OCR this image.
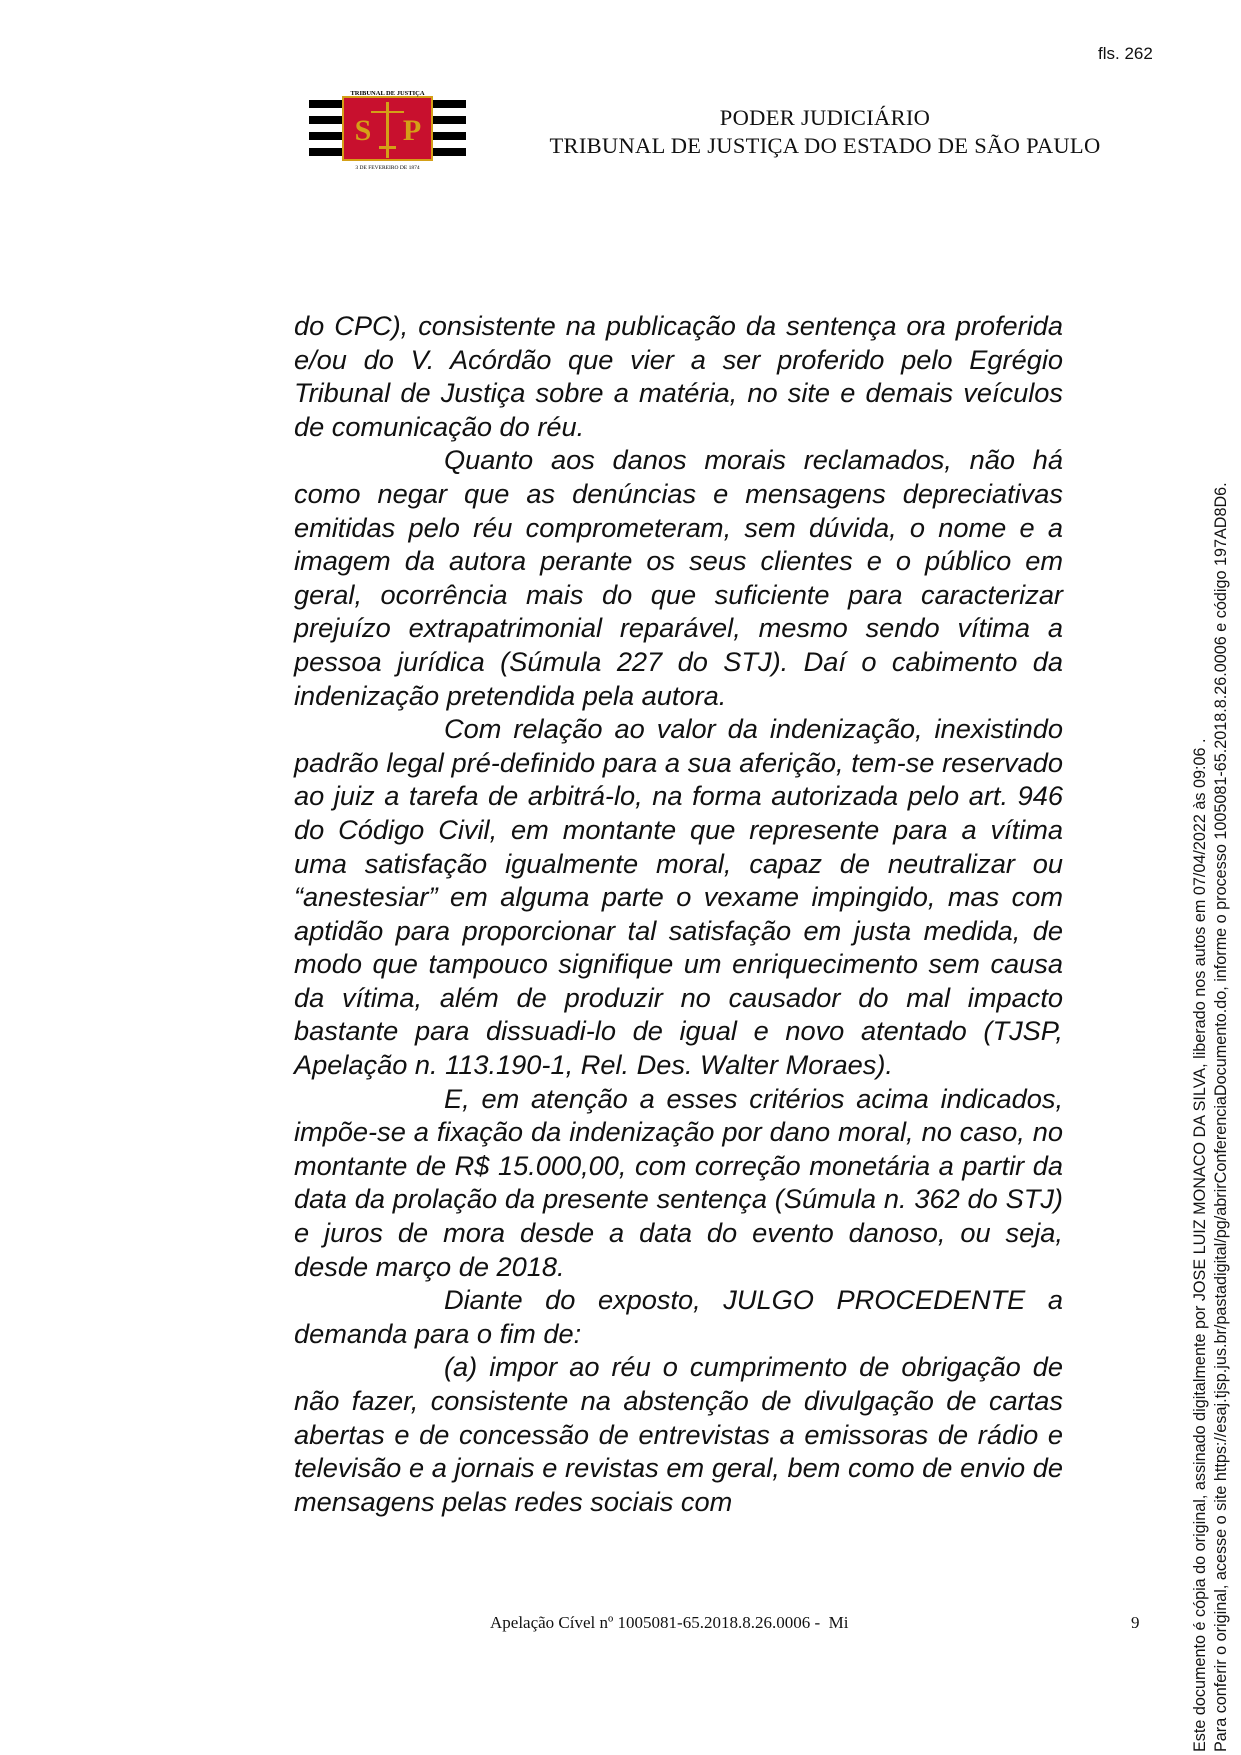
fls. 262
S P
TRIBUNAL DE JUSTIÇA
3 DE FEVEREIRO DE 1874
PODER JUDICIÁRIO
TRIBUNAL DE JUSTIÇA DO ESTADO DE SÃO PAULO

do CPC), consistente na publicação da sentença ora proferida e/ou do V. Acórdão que vier a ser proferido pelo Egrégio Tribunal de Justiça sobre a matéria, no site e demais veículos de comunicação do réu.

Quanto aos danos morais reclamados, não há como negar que as denúncias e mensagens depreciativas emitidas pelo réu comprometeram, sem dúvida, o nome e a imagem da autora perante os seus clientes e o público em geral, ocorrência mais do que suficiente para caracterizar prejuízo extrapatrimonial reparável, mesmo sendo vítima a pessoa jurídica (Súmula 227 do STJ). Daí o cabimento da indenização pretendida pela autora.

Com relação ao valor da indenização, inexistindo padrão legal pré-definido para a sua aferição, tem-se reservado ao juiz a tarefa de arbitrá-lo, na forma autorizada pelo art. 946 do Código Civil, em montante que represente para a vítima uma satisfação igualmente moral, capaz de neutralizar ou “anestesiar” em alguma parte o vexame impingido, mas com aptidão para proporcionar tal satisfação em justa medida, de modo que tampouco signifique um enriquecimento sem causa da vítima, além de produzir no causador do mal impacto bastante para dissuadi-lo de igual e novo atentado (TJSP, Apelação n. 113.190-1, Rel. Des. Walter Moraes).

E, em atenção a esses critérios acima indicados, impõe-se a fixação da indenização por dano moral, no caso, no montante de R$ 15.000,00, com correção monetária a partir da data da prolação da presente sentença (Súmula n. 362 do STJ) e juros de mora desde a data do evento danoso, ou seja, desde março de 2018.

Diante do exposto, JULGO PROCEDENTE a demanda para o fim de:

(a) impor ao réu o cumprimento de obrigação de não fazer, consistente na abstenção de divulgação de cartas abertas e de concessão de entrevistas a emissoras de rádio e televisão e a jornais e revistas em geral, bem como de envio de mensagens pelas redes sociais com

Apelação Cível nº 1005081-65.2018.8.26.0006 -  Mi	9	Este documento é cópia do original, assinado digitalmente por JOSE LUIZ MONACO DA SILVA, liberado nos autos em 07/04/2022 às 09:06 . Para conferir o original, acesse o site https://esaj.tjsp.jus.br/pastadigital/pg/abrirConferenciaDocumento.do, informe o processo 1005081-65.2018.8.26.0006 e código 197AD8D6.
